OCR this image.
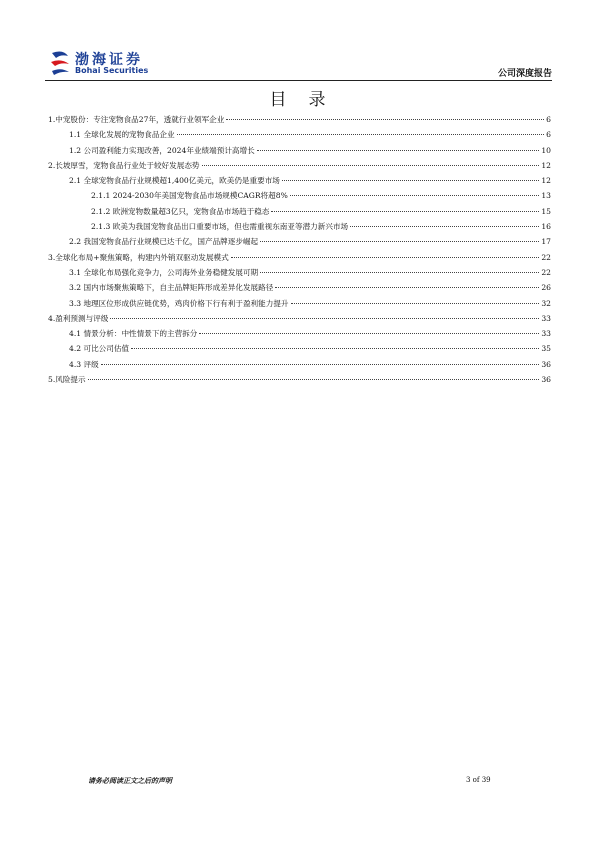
渤海证券
Bohai Securities	公司深度报告
目录
1.中宠股份：专注宠物食品27年，透就行业领军企业	6
1.1 全球化发展的宠物食品企业	6
1.2 公司盈利能力实现改善，2024年业绩端预计高增长	10
2.长坡厚雪，宠物食品行业处于较好发展态势	12
2.1 全球宠物食品行业规模超1,400亿美元，欧美仍是重要市场	12
2.1.1 2024-2030年美国宠物食品市场规模CAGR将超8%	13
2.1.2 欧洲宠物数量超3亿只，宠物食品市场趋于稳态	15
2.1.3 欧美为我国宠物食品出口重要市场，但也需重视东南亚等潜力新兴市场	16
2.2 我国宠物食品行业规模已达千亿，国产品牌逐步崛起	17
3.全球化布局+聚焦策略，构建内外销双驱动发展模式	22
3.1 全球化布局强化竞争力，公司海外业务稳健发展可期	22
3.2 国内市场聚焦策略下，自主品牌矩阵形成差异化发展路径	26
3.3 地理区位形成供应链优势，鸡肉价格下行有利于盈利能力提升	32
4.盈利预测与评级	33
4.1 情景分析：中性情景下的主营拆分	33
4.2 可比公司估值	35
4.3 评级	36
5.风险提示	36
请务必阅读正文之后的声明	3 of 39
